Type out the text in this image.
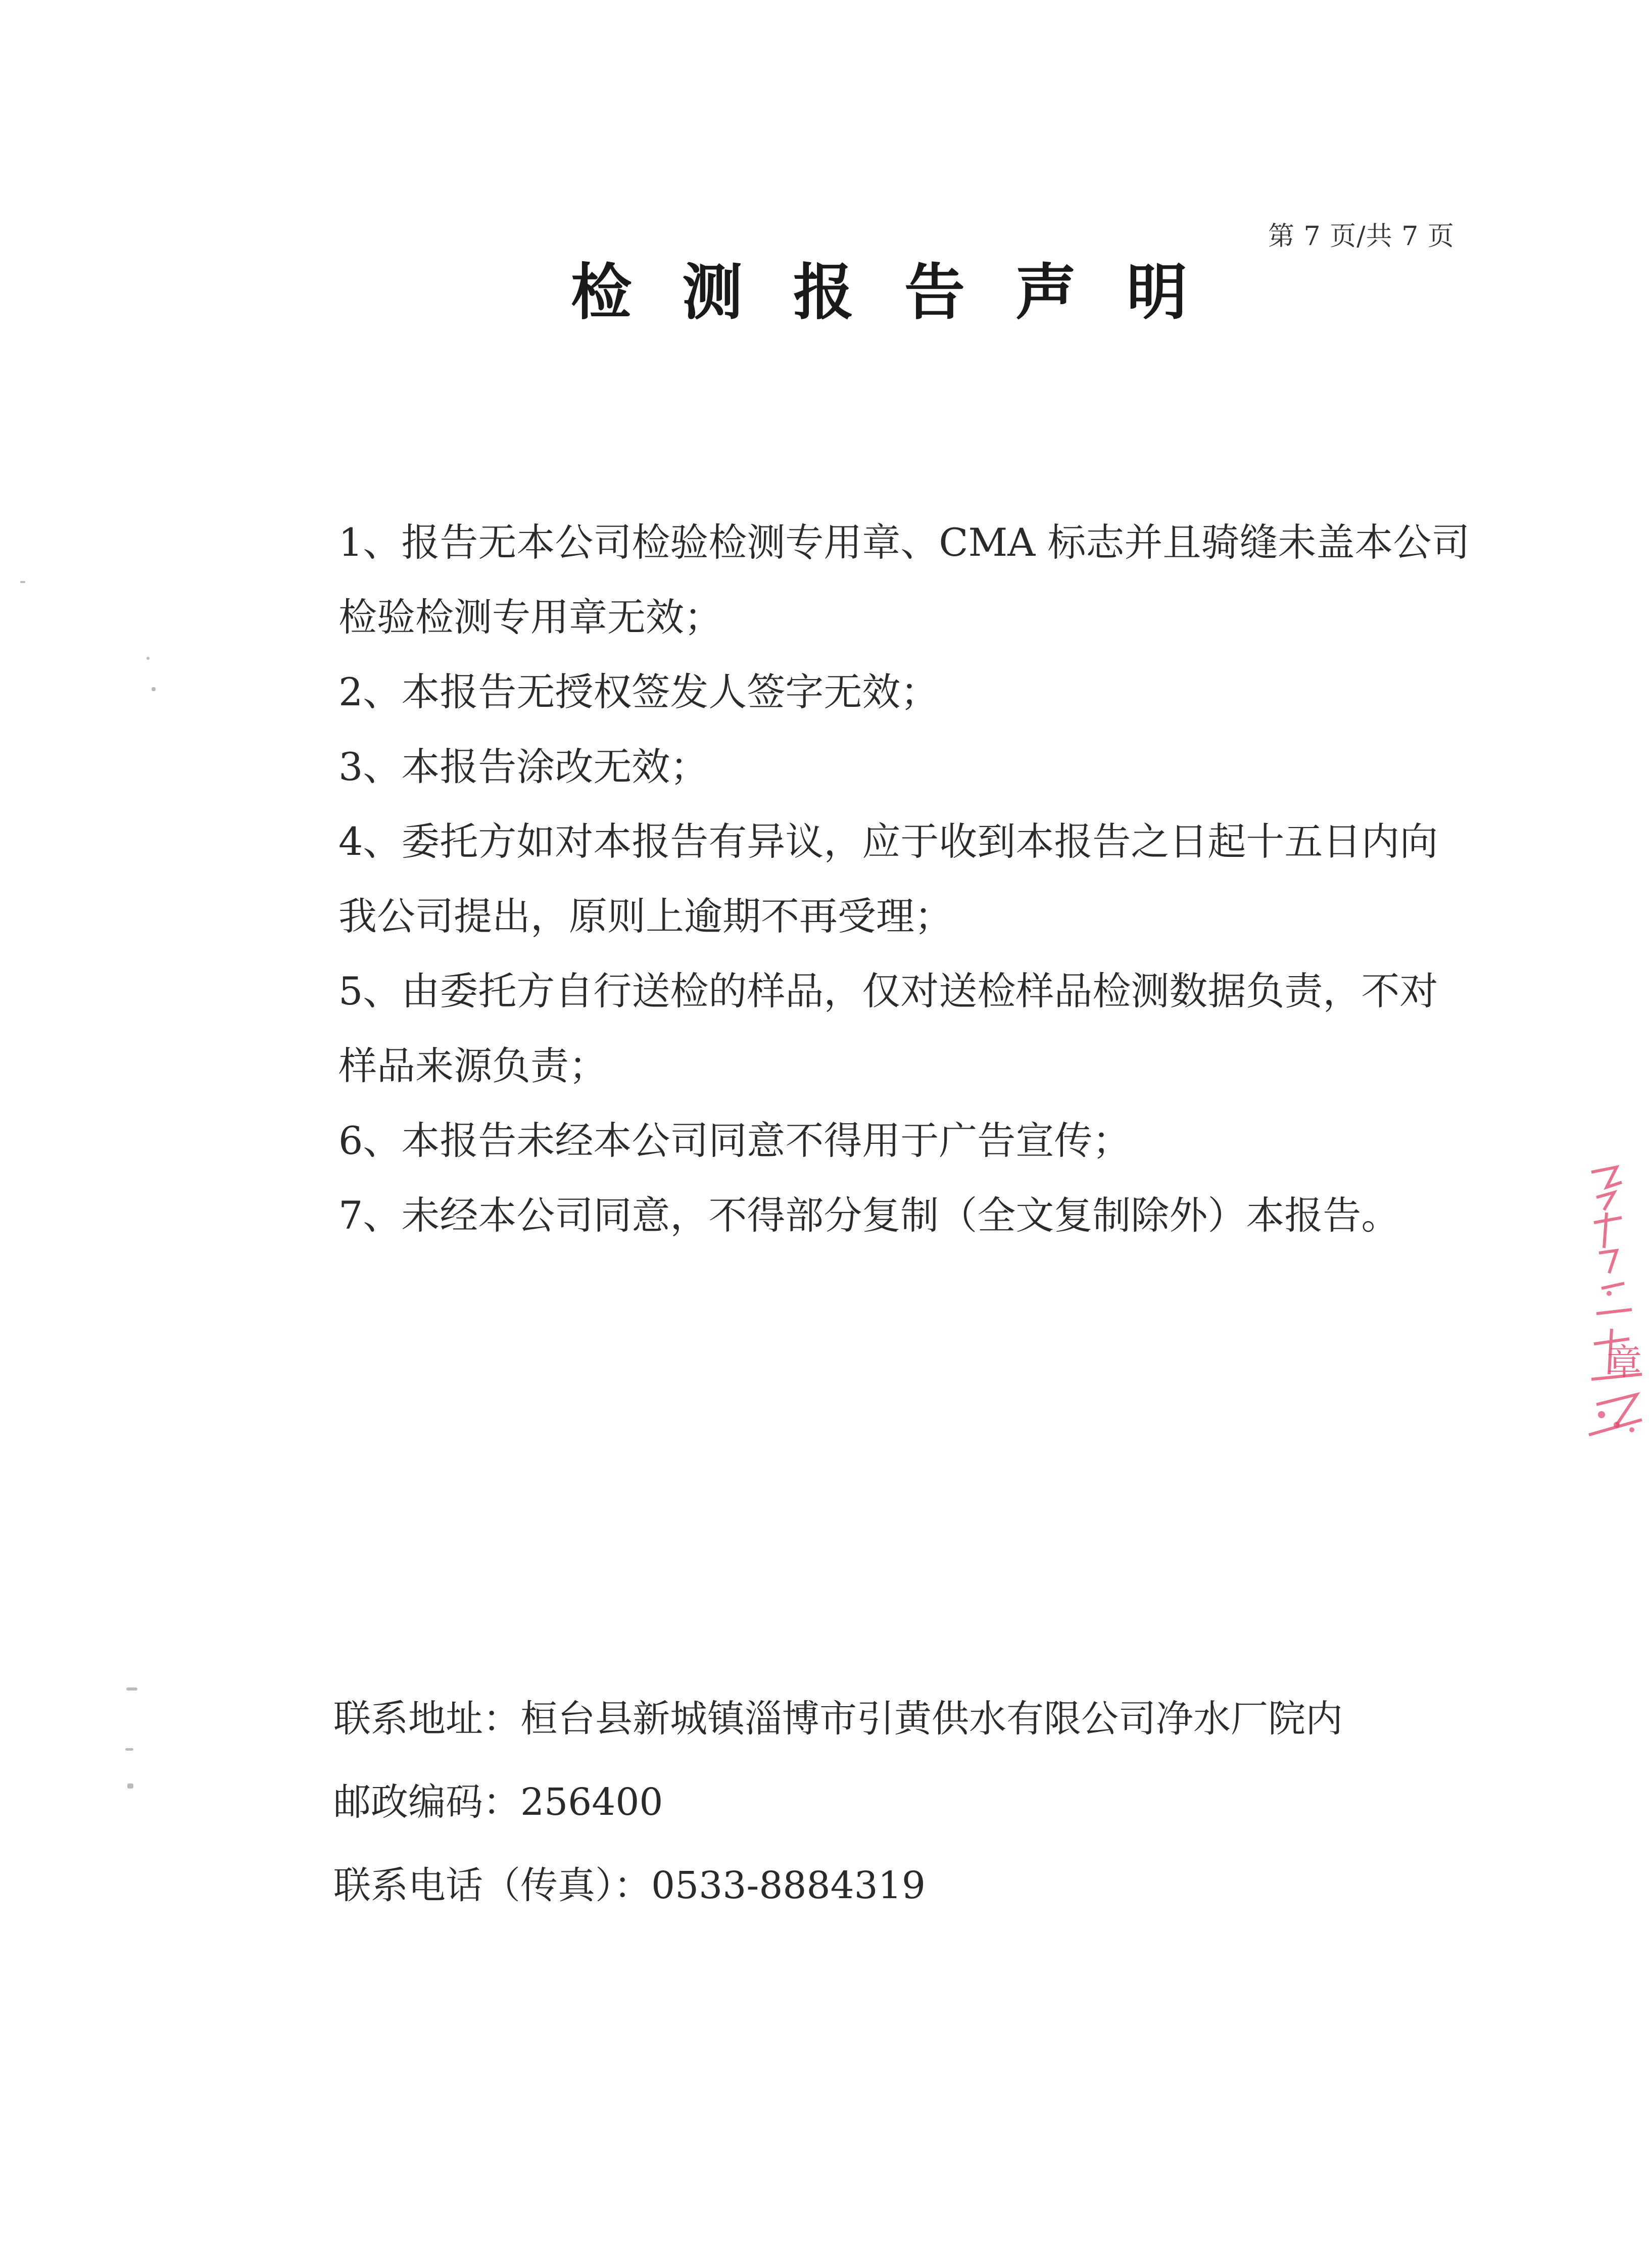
第 7 页/共 7 页
检测报告声明

1、报告无本公司检验检测专用章、CMA 标志并且骑缝未盖本公司检验检测专用章无效；

2、本报告无授权签发人签字无效；

3、本报告涂改无效；

4、委托方如对本报告有异议，应于收到本报告之日起十五日内向我公司提出，原则上逾期不再受理；

5、由委托方自行送检的样品，仅对送检样品检测数据负责，不对样品来源负责；

6、本报告未经本公司同意不得用于广告宣传；

7、未经本公司同意，不得部分复制（全文复制除外）本报告。

联系地址：桓台县新城镇淄博市引黄供水有限公司净水厂院内
邮政编码：256400
联系电话（传真）：0533-8884319
章
